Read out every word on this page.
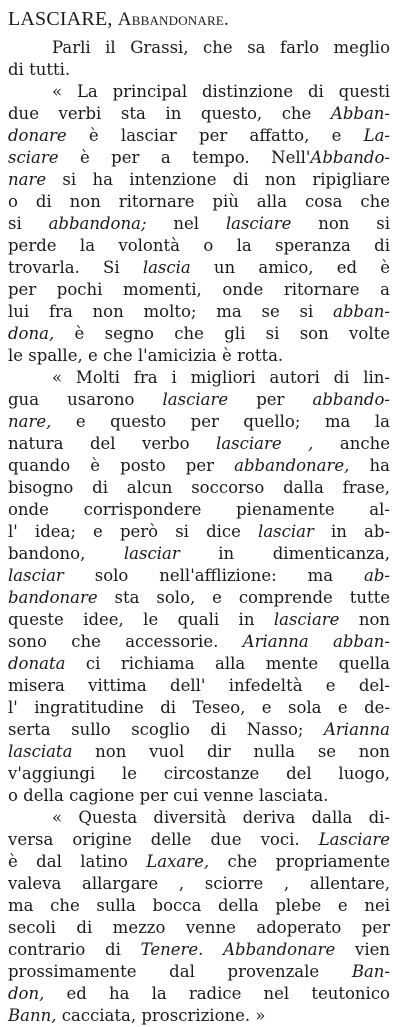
LASCIARE, Abbandonare.
Parli il Grassi, che sa farlo meglio
di tutti.
« La principal distinzione di questi
due verbi sta in questo, che Abban-
donare è lasciar per affatto, e La-
sciare è per a tempo. Nell'Abbando-
nare si ha intenzione di non ripigliare
o di non ritornare più alla cosa che
si abbandona; nel lasciare non si
perde la volontà o la speranza di
trovarla. Si lascia un amico, ed è
per pochi momenti, onde ritornare a
lui fra non molto; ma se si abban-
dona, è segno che gli si son volte
le spalle, e che l'amicizia è rotta.
« Molti fra i migliori autori di lin-
gua usarono lasciare per abbando-
nare, e questo per quello; ma la
natura del verbo lasciare , anche
quando è posto per abbandonare, ha
bisogno di alcun soccorso dalla frase,
onde corrispondere pienamente al-
l' idea; e però si dice lasciar in ab-
bandono, lasciar in dimenticanza,
lasciar solo nell'afflizione: ma ab-
bandonare sta solo, e comprende tutte
queste idee, le quali in lasciare non
sono che accessorie. Arianna abban-
donata ci richiama alla mente quella
misera vittima dell' infedeltà e del-
l' ingratitudine di Teseo, e sola e de-
serta sullo scoglio di Nasso; Arianna
lasciata non vuol dir nulla se non
v'aggiungi le circostanze del luogo,
o della cagione per cui venne lasciata.
« Questa diversità deriva dalla di-
versa origine delle due voci. Lasciare
è dal latino Laxare, che propriamente
valeva allargare , sciorre , allentare,
ma che sulla bocca della plebe e nei
secoli di mezzo venne adoperato per
contrario di Tenere. Abbandonare vien
prossimamente dal provenzale Ban-
don, ed ha la radice nel teutonico
Bann, cacciata, proscrizione. »
